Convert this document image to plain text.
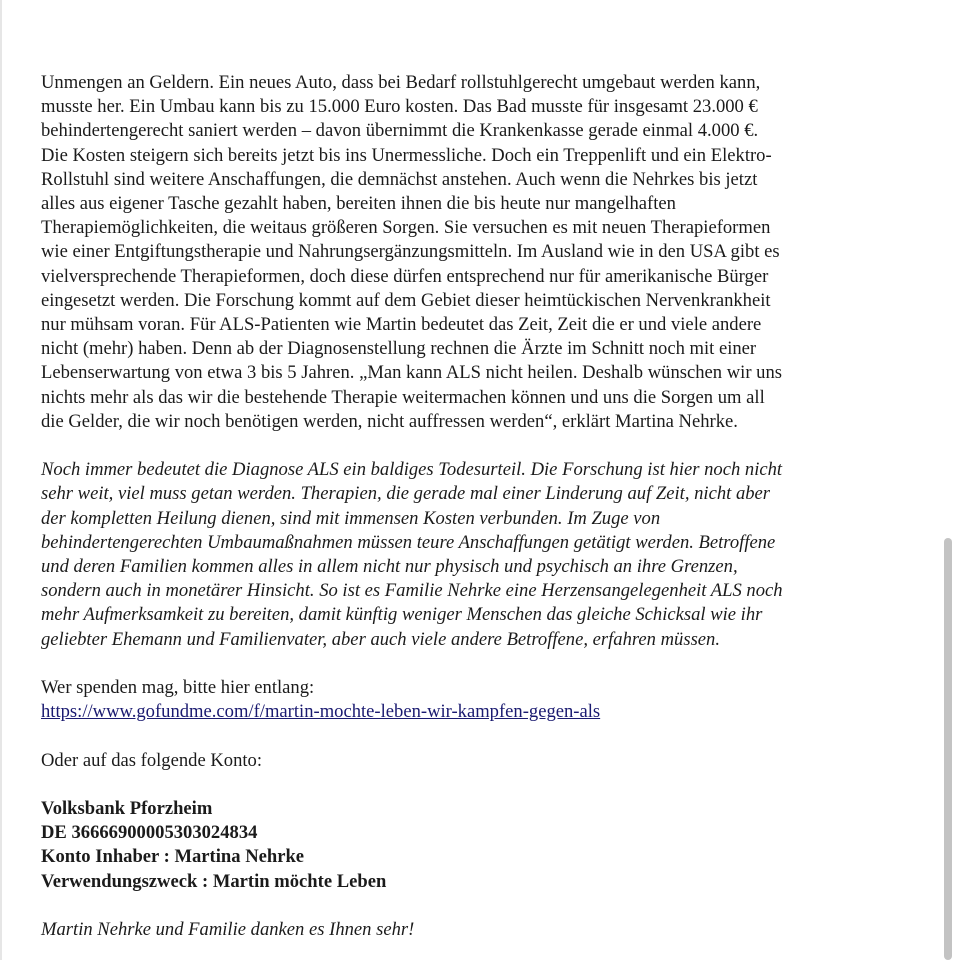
Unmengen an Geldern. Ein neues Auto, dass bei Bedarf rollstuhlgerecht umgebaut werden kann,
musste her. Ein Umbau kann bis zu 15.000 Euro kosten. Das Bad musste für insgesamt 23.000 €
behindertengerecht saniert werden – davon übernimmt die Krankenkasse gerade einmal 4.000 €.
Die Kosten steigern sich bereits jetzt bis ins Unermessliche. Doch ein Treppenlift und ein Elektro-
Rollstuhl sind weitere Anschaffungen, die demnächst anstehen. Auch wenn die Nehrkes bis jetzt
alles aus eigener Tasche gezahlt haben, bereiten ihnen die bis heute nur mangelhaften
Therapiemöglichkeiten, die weitaus größeren Sorgen. Sie versuchen es mit neuen Therapieformen
wie einer Entgiftungstherapie und Nahrungsergänzungsmitteln. Im Ausland wie in den USA gibt es
vielversprechende Therapieformen, doch diese dürfen entsprechend nur für amerikanische Bürger
eingesetzt werden. Die Forschung kommt auf dem Gebiet dieser heimtückischen Nervenkrankheit
nur mühsam voran. Für ALS-Patienten wie Martin bedeutet das Zeit, Zeit die er und viele andere
nicht (mehr) haben. Denn ab der Diagnosenstellung rechnen die Ärzte im Schnitt noch mit einer
Lebenserwartung von etwa 3 bis 5 Jahren. „Man kann ALS nicht heilen. Deshalb wünschen wir uns
nichts mehr als das wir die bestehende Therapie weitermachen können und uns die Sorgen um all
die Gelder, die wir noch benötigen werden, nicht auffressen werden“, erklärt Martina Nehrke.
Noch immer bedeutet die Diagnose ALS ein baldiges Todesurteil. Die Forschung ist hier noch nicht
sehr weit, viel muss getan werden. Therapien, die gerade mal einer Linderung auf Zeit, nicht aber
der kompletten Heilung dienen, sind mit immensen Kosten verbunden. Im Zuge von
behindertengerechten Umbaumaßnahmen müssen teure Anschaffungen getätigt werden. Betroffene
und deren Familien kommen alles in allem nicht nur physisch und psychisch an ihre Grenzen,
sondern auch in monetärer Hinsicht. So ist es Familie Nehrke eine Herzensangelegenheit ALS noch
mehr Aufmerksamkeit zu bereiten, damit künftig weniger Menschen das gleiche Schicksal wie ihr
geliebter Ehemann und Familienvater, aber auch viele andere Betroffene, erfahren müssen.
Wer spenden mag, bitte hier entlang:
https://www.gofundme.com/f/martin-mochte-leben-wir-kampfen-gegen-als
Oder auf das folgende Konto:
Volksbank Pforzheim
DE 36666900005303024834
Konto Inhaber : Martina Nehrke
Verwendungszweck : Martin möchte Leben
Martin Nehrke und Familie danken es Ihnen sehr!
